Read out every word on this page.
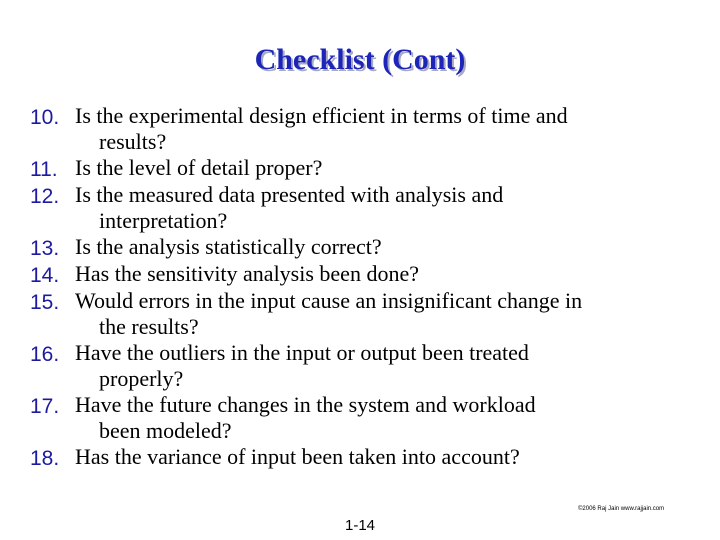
Checklist (Cont)
10. Is the experimental design efficient in terms of time and
results?
11. Is the level of detail proper?
12. Is the measured data presented with analysis and
interpretation?
13. Is the analysis statistically correct?
14. Has the sensitivity analysis been done?
15. Would errors in the input cause an insignificant change in
the results?
16. Have the outliers in the input or output been treated
properly?
17. Have the future changes in the system and workload
been modeled?
18. Has the variance of input been taken into account?
©2006 Raj Jain www.rajjain.com
1-14
